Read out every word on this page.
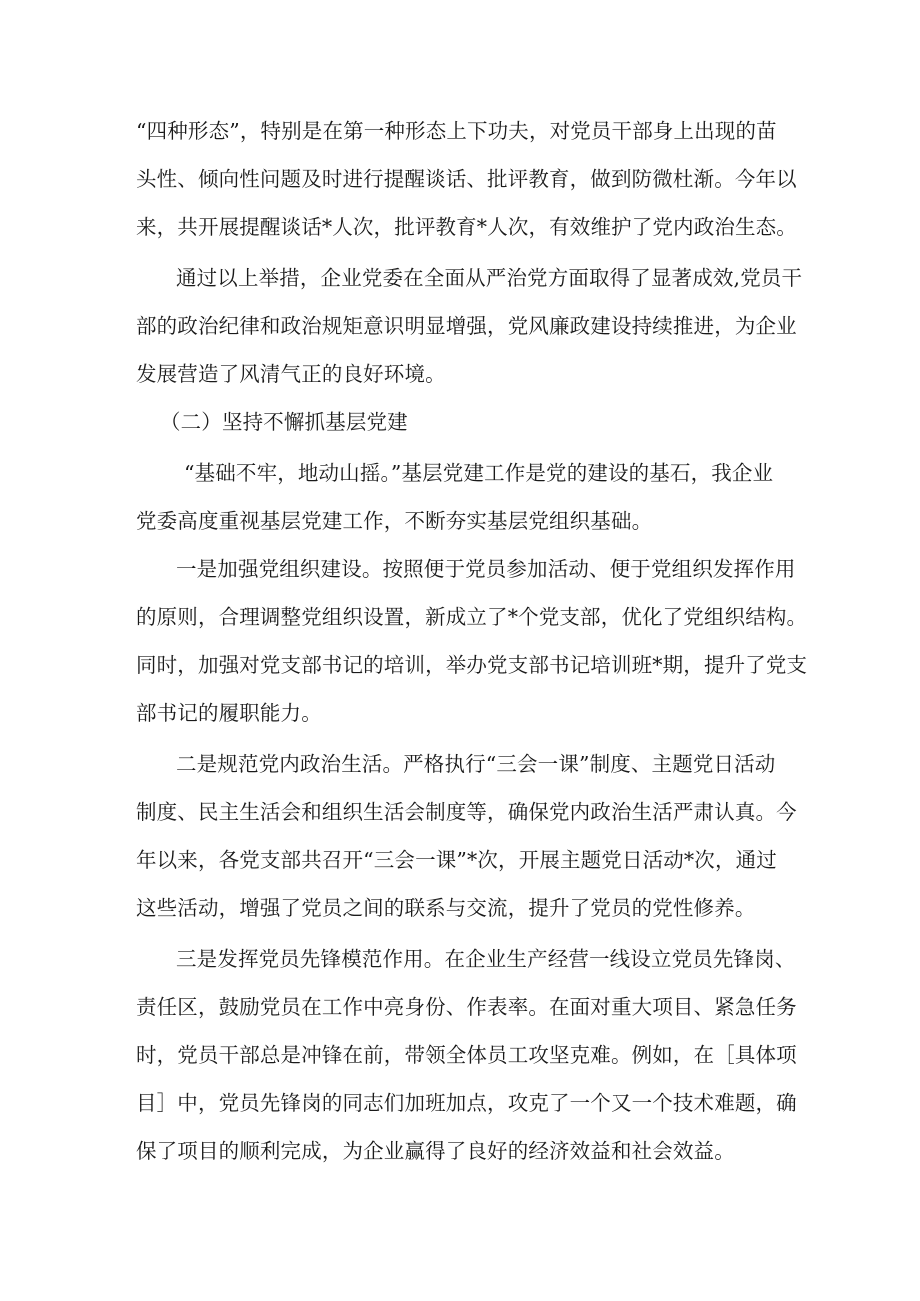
“四种形态”，特别是在第一种形态上下功夫，对党员干部身上出现的苗
头性、倾向性问题及时进行提醒谈话、批评教育，做到防微杜渐。今年以
来，共开展提醒谈话*人次，批评教育*人次，有效维护了党内政治生态。
通过以上举措，企业党委在全面从严治党方面取得了显著成效,党员干
部的政治纪律和政治规矩意识明显增强，党风廉政建设持续推进，为企业
发展营造了风清气正的良好环境。
（二）坚持不懈抓基层党建
“基础不牢，地动山摇。”基层党建工作是党的建设的基石，我企业
党委高度重视基层党建工作，不断夯实基层党组织基础。
一是加强党组织建设。按照便于党员参加活动、便于党组织发挥作用
的原则，合理调整党组织设置，新成立了*个党支部，优化了党组织结构。
同时，加强对党支部书记的培训，举办党支部书记培训班*期，提升了党支
部书记的履职能力。
二是规范党内政治生活。严格执行“三会一课”制度、主题党日活动
制度、民主生活会和组织生活会制度等，确保党内政治生活严肃认真。今
年以来，各党支部共召开“三会一课”*次，开展主题党日活动*次，通过
这些活动，增强了党员之间的联系与交流，提升了党员的党性修养。
三是发挥党员先锋模范作用。在企业生产经营一线设立党员先锋岗、
责任区，鼓励党员在工作中亮身份、作表率。在面对重大项目、紧急任务
时，党员干部总是冲锋在前，带领全体员工攻坚克难。例如，在［具体项
目］中，党员先锋岗的同志们加班加点，攻克了一个又一个技术难题，确
保了项目的顺利完成，为企业赢得了良好的经济效益和社会效益。
